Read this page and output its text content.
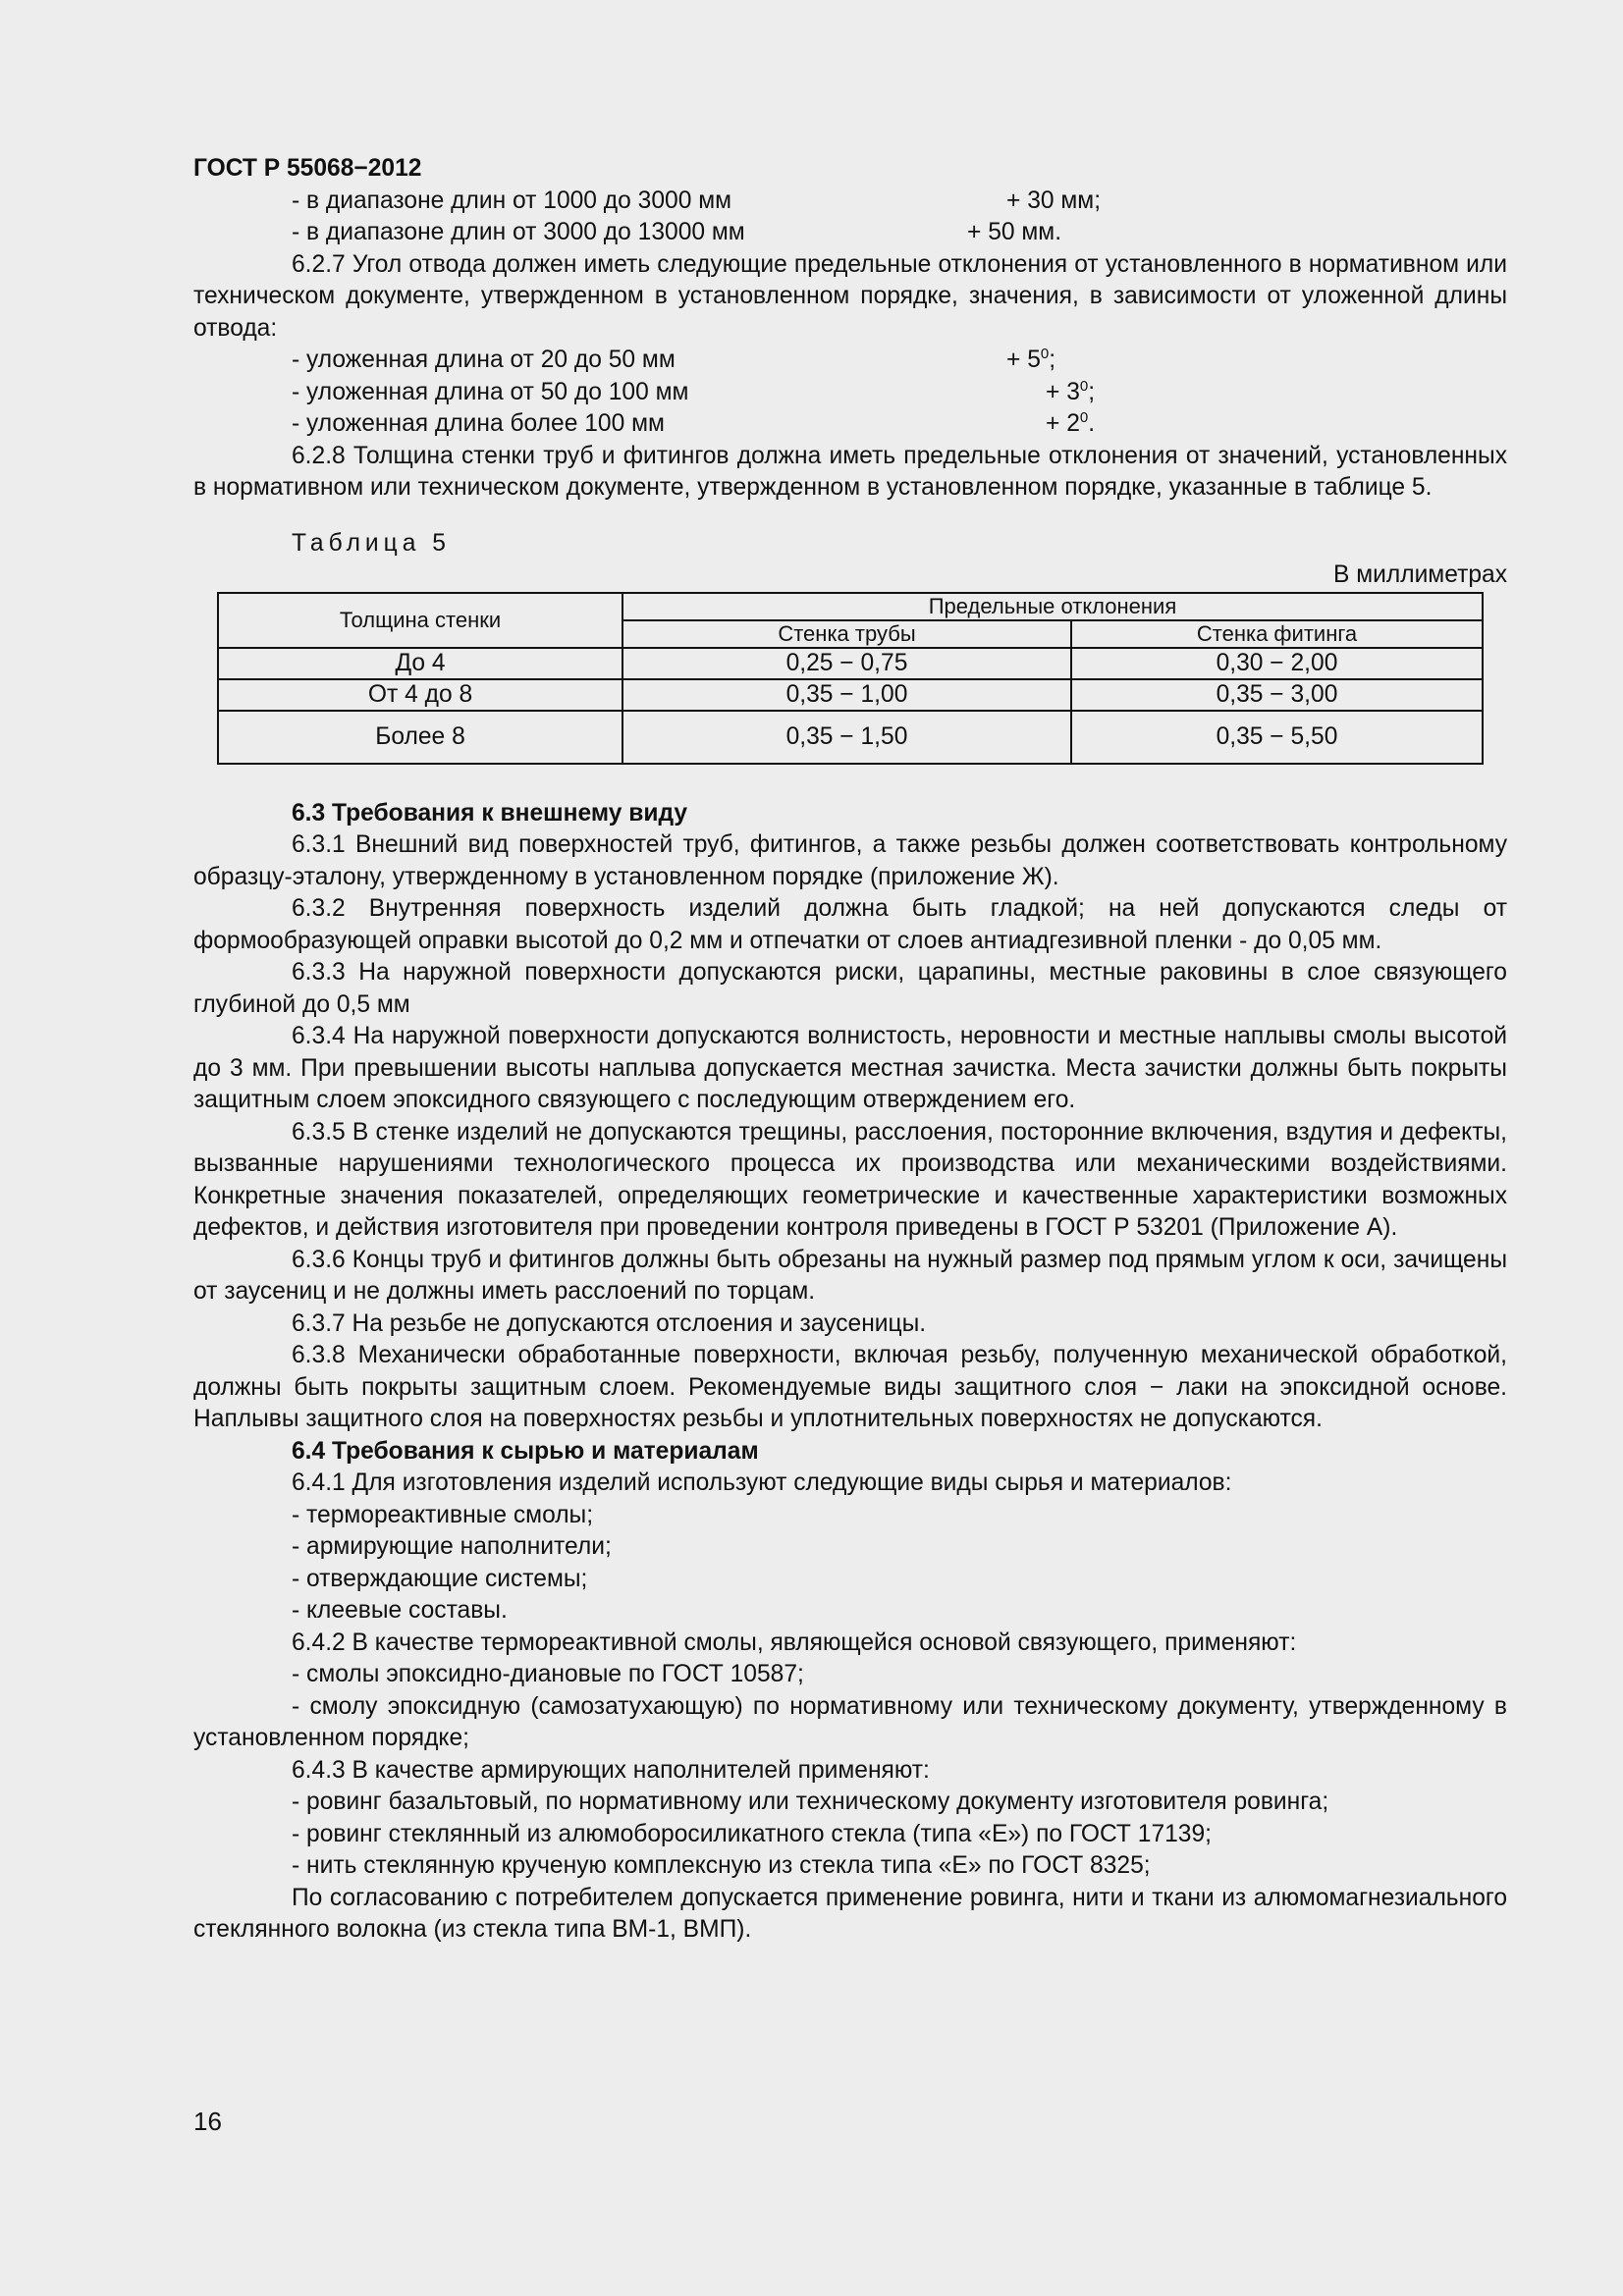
ГОСТ Р 55068−2012

- в диапазоне длин от 1000 до 3000 мм	+ 30 мм;

- в диапазоне длин от 3000 до 13000 мм	+ 50 мм.

6.2.7 Угол отвода должен иметь следующие предельные отклонения от установленного в нормативном или техническом документе, утвержденном в установленном порядке, значения, в зависимости от уложенной длины отвода:

- уложенная длина от 20 до 50 мм	+ $5^0$;

- уложенная длина от 50 до 100 мм	+ $3^0$;

- уложенная длина более 100 мм	+ $2^0$.

6.2.8 Толщина стенки труб и фитингов должна иметь предельные отклонения от значений, установленных в нормативном или техническом документе, утвержденном в установленном порядке, указанные в таблице 5.

Таблица 5

В миллиметрах

Толщина стенки	Предельные отклонения	
	Стенка трубы	Стенка фитинга
До 4	0,25 − 0,75	0,30 − 2,00
От 4 до 8	0,35 − 1,00	0,35 − 3,00
Более 8	0,35 − 1,50	0,35 − 5,50

6.3 Требования к внешнему виду

6.3.1 Внешний вид поверхностей труб, фитингов, а также резьбы должен соответствовать контрольному образцу-эталону, утвержденному в установленном порядке (приложение Ж).

6.3.2 Внутренняя поверхность изделий должна быть гладкой; на ней допускаются следы от формообразующей оправки высотой до 0,2 мм и отпечатки от слоев антиадгезивной пленки - до 0,05 мм.

6.3.3 На наружной поверхности допускаются риски, царапины, местные раковины в слое связующего глубиной до 0,5 мм

6.3.4 На наружной поверхности допускаются волнистость, неровности и местные наплывы смолы высотой до 3 мм. При превышении высоты наплыва допускается местная зачистка. Места зачистки должны быть покрыты защитным слоем эпоксидного связующего с последующим отверждением его.

6.3.5 В стенке изделий не допускаются трещины, расслоения, посторонние включения, вздутия и дефекты, вызванные нарушениями технологического процесса их производства или механическими воздействиями. Конкретные значения показателей, определяющих геометрические и качественные характеристики возможных дефектов, и действия изготовителя при проведении контроля приведены в ГОСТ Р 53201 (Приложение А).

6.3.6 Концы труб и фитингов должны быть обрезаны на нужный размер под прямым углом к оси, зачищены от заусениц и не должны иметь расслоений по торцам.

6.3.7 На резьбе не допускаются отслоения и заусеницы.

6.3.8 Механически обработанные поверхности, включая резьбу, полученную механической обработкой, должны быть покрыты защитным слоем. Рекомендуемые виды защитного слоя − лаки на эпоксидной основе. Наплывы защитного слоя на поверхностях резьбы и уплотнительных поверхностях не допускаются.

6.4 Требования к сырью и материалам

6.4.1 Для изготовления изделий используют следующие виды сырья и материалов:

- термореактивные смолы;

- армирующие наполнители;

- отверждающие системы;

- клеевые составы.

6.4.2 В качестве термореактивной смолы, являющейся основой связующего, применяют:

- смолы эпоксидно-диановые по ГОСТ 10587;

- смолу эпоксидную (самозатухающую) по нормативному или техническому документу, утвержденному в установленном порядке;

6.4.3 В качестве армирующих наполнителей применяют:

- ровинг базальтовый, по нормативному или техническому документу изготовителя ровинга;

- ровинг стеклянный из алюмоборосиликатного стекла (типа «Е») по ГОСТ 17139;

- нить стеклянную крученую комплексную из стекла типа «Е» по ГОСТ 8325;

По согласованию с потребителем допускается применение ровинга, нити и ткани из алюмомагнезиального стеклянного волокна (из стекла типа ВМ-1, ВМП).

16
